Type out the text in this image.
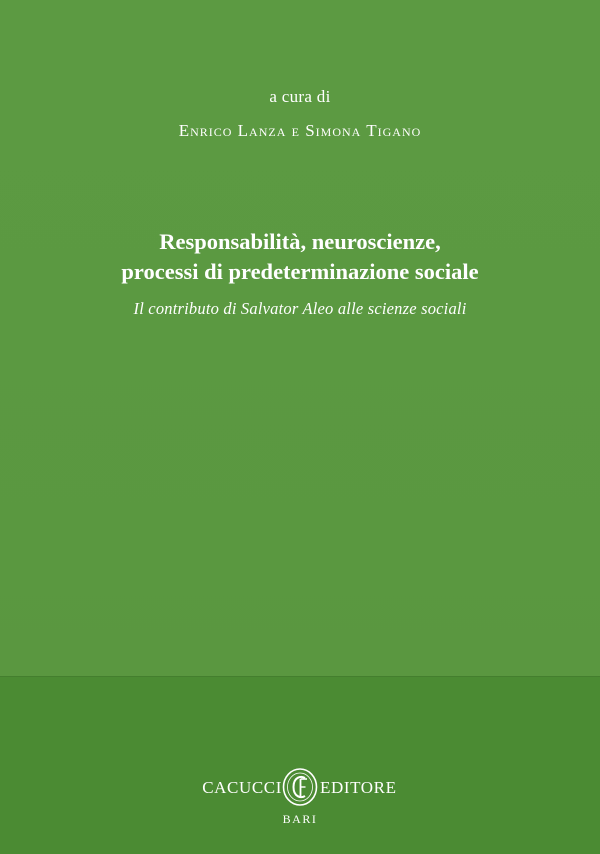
a cura di
Enrico Lanza e Simona Tigano
Responsabilità, neuroscienze,
processi di predeterminazione sociale
Il contributo di Salvator Aleo alle scienze sociali
CACUCCI EDITORE
BARI
